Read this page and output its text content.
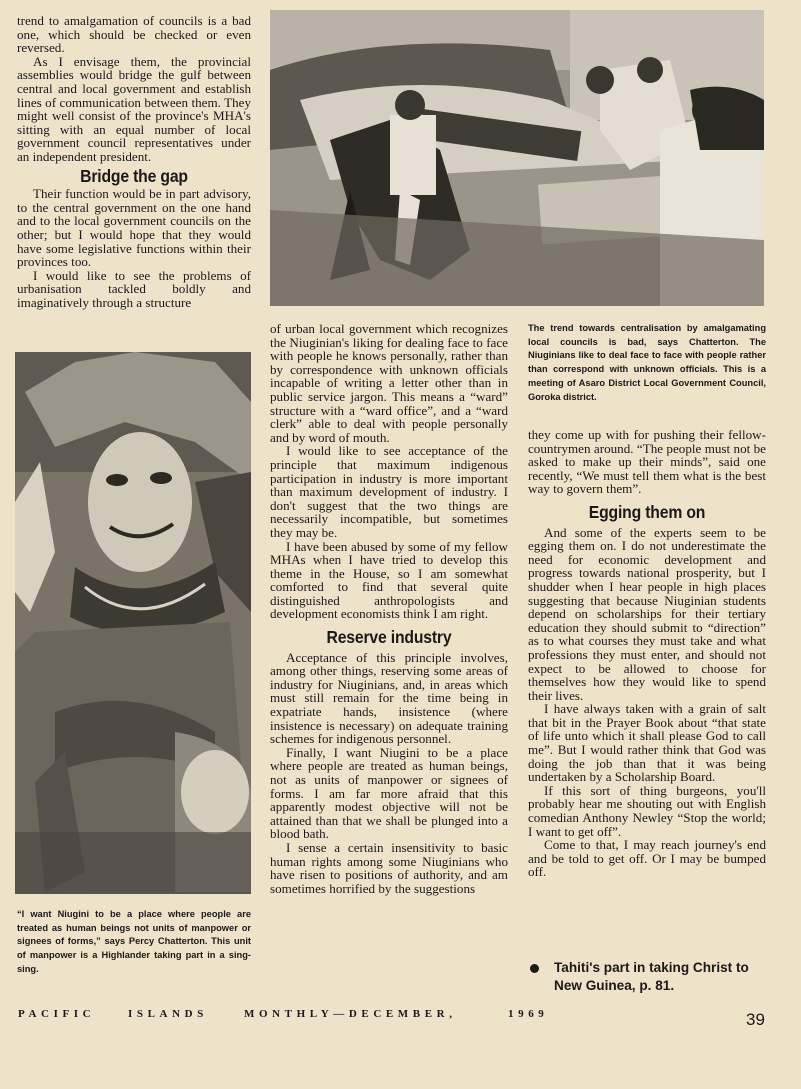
trend to amalgamation of councils is a bad one, which should be checked or even reversed.

As I envisage them, the provincial assemblies would bridge the gulf between central and local government and establish lines of communication between them. They might well consist of the province's MHA's sitting with an equal number of local government council representatives under an independent president.

Bridge the gap

Their function would be in part advisory, to the central government on the one hand and to the local government councils on the other; but I would hope that they would have some legislative functions within their provinces too.

I would like to see the problems of urbanisation tackled boldly and imaginatively through a structure

“I want Niugini to be a place where people are treated as human beings not units of manpower or signees of forms,” says Percy Chatterton. This unit of manpower is a Highlander taking part in a sing-sing.

of urban local government which recognizes the Niuginian's liking for dealing face to face with people he knows personally, rather than by correspondence with unknown officials incapable of writing a letter other than in public service jargon. This means a “ward” structure with a “ward office”, and a “ward clerk” able to deal with people personally and by word of mouth.

I would like to see acceptance of the principle that maximum indigenous participation in industry is more important than maximum development of industry. I don't suggest that the two things are necessarily incompatible, but sometimes they may be.

I have been abused by some of my fellow MHAs when I have tried to develop this theme in the House, so I am somewhat comforted to find that several quite distinguished anthropologists and development economists think I am right.

Reserve industry

Acceptance of this principle involves, among other things, reserving some areas of industry for Niuginians, and, in areas which must still remain for the time being in expatriate hands, insistence (where insistence is necessary) on adequate training schemes for indigenous personnel.

Finally, I want Niugini to be a place where people are treated as human beings, not as units of manpower or signees of forms. I am far more afraid that this apparently modest objective will not be attained than that we shall be plunged into a blood bath.

I sense a certain insensitivity to basic human rights among some Niuginians who have risen to positions of authority, and am sometimes horrified by the suggestions

The trend towards centralisation by amalgamating local councils is bad, says Chatterton. The Niuginians like to deal face to face with people rather than correspond with unknown officials. This is a meeting of Asaro District Local Government Council, Goroka district.

they come up with for pushing their fellow-countrymen around. “The people must not be asked to make up their minds”, said one recently, “We must tell them what is the best way to govern them”.

Egging them on

And some of the experts seem to be egging them on. I do not underestimate the need for economic development and progress towards national prosperity, but I shudder when I hear people in high places suggesting that because Niuginian students depend on scholarships for their tertiary education they should submit to “direction” as to what courses they must take and what professions they must enter, and should not expect to be allowed to choose for themselves how they would like to spend their lives.

I have always taken with a grain of salt that bit in the Prayer Book about “that state of life unto which it shall please God to call me”. But I would rather think that God was doing the job than that it was being undertaken by a Scholarship Board.

If this sort of thing burgeons, you'll probably hear me shouting out with English comedian Anthony Newley “Stop the world; I want to get off”.

Come to that, I may reach journey's end and be told to get off. Or I may be bumped off.

Tahiti's part in taking Christ to New Guinea, p. 81.
PACIFIC	ISLANDS	MONTHLY—DECEMBER,	1969	39
